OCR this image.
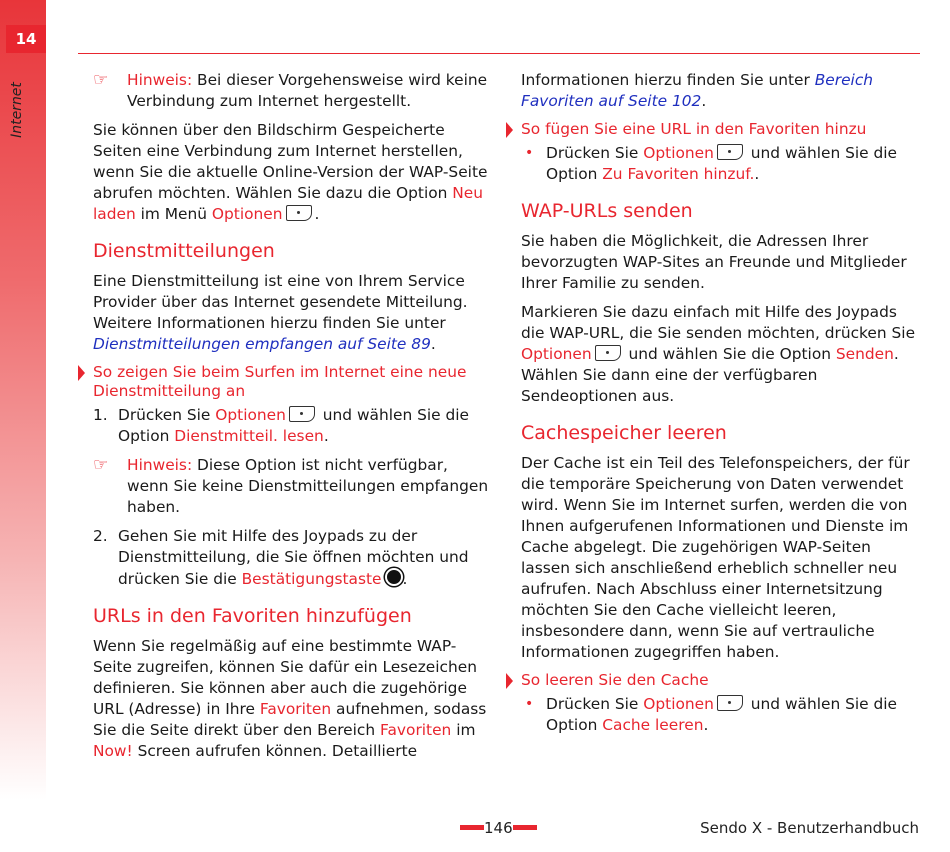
14
Internet
☞ Hinweis: Bei dieser Vorgehensweise wird keine Verbindung zum Internet hergestellt.

Sie können über den Bildschirm Gespeicherte Seiten eine Verbindung zum Internet herstellen, wenn Sie die aktuelle Online-Version der WAP-Seite abrufen möchten. Wählen Sie dazu die Option Neu laden im Menü Optionen .

Dienstmitteilungen

Eine Dienstmitteilung ist eine von Ihrem Service Provider über das Internet gesendete Mitteilung. Weitere Informationen hierzu finden Sie unter Dienstmitteilungen empfangen auf Seite 89.

So zeigen Sie beim Surfen im Internet eine neue Dienstmitteilung an
1. Drücken Sie Optionen und wählen Sie die Option Dienstmitteil. lesen.
☞ Hinweis: Diese Option ist nicht verfügbar, wenn Sie keine Dienstmitteilungen empfangen haben.
2. Gehen Sie mit Hilfe des Joypads zu der Dienstmitteilung, die Sie öffnen möchten und drücken Sie die Bestätigungstaste .
URLs in den Favoriten hinzufügen

Wenn Sie regelmäßig auf eine bestimmte WAP-Seite zugreifen, können Sie dafür ein Lesezeichen definieren. Sie können aber auch die zugehörige URL (Adresse) in Ihre Favoriten aufnehmen, sodass Sie die Seite direkt über den Bereich Favoriten im Now! Screen aufrufen können. Detaillierte

Informationen hierzu finden Sie unter Bereich Favoriten auf Seite 102.

So fügen Sie eine URL in den Favoriten hinzu
• Drücken Sie Optionen und wählen Sie die Option Zu Favoriten hinzuf..
WAP-URLs senden

Sie haben die Möglichkeit, die Adressen Ihrer bevorzugten WAP-Sites an Freunde und Mitglieder Ihrer Familie zu senden.

Markieren Sie dazu einfach mit Hilfe des Joypads die WAP-URL, die Sie senden möchten, drücken Sie Optionen und wählen Sie die Option Senden. Wählen Sie dann eine der verfügbaren Sendeoptionen aus.

Cachespeicher leeren

Der Cache ist ein Teil des Telefonspeichers, der für die temporäre Speicherung von Daten verwendet wird. Wenn Sie im Internet surfen, werden die von Ihnen aufgerufenen Informationen und Dienste im Cache abgelegt. Die zugehörigen WAP-Seiten lassen sich anschließend erheblich schneller neu aufrufen. Nach Abschluss einer Internetsitzung möchten Sie den Cache vielleicht leeren, insbesondere dann, wenn Sie auf vertrauliche Informationen zugegriffen haben.

So leeren Sie den Cache
• Drücken Sie Optionen und wählen Sie die Option Cache leeren.
146	Sendo X - Benutzerhandbuch
